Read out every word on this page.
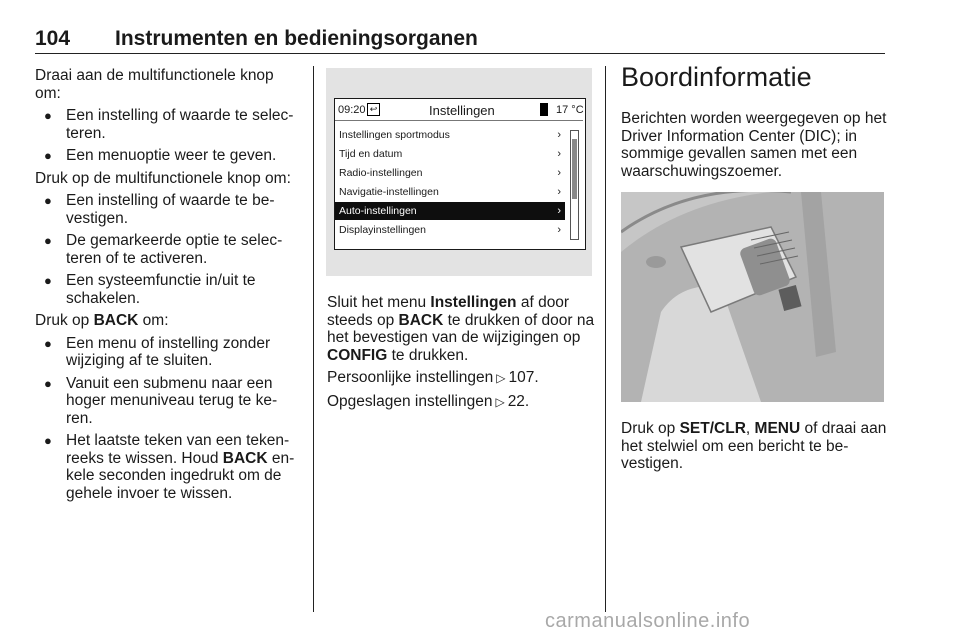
104 Instrumenten en bedieningsorganen

Draai aan de multifunctionele knop om:

● Een instelling of waarde te selec-teren.
● Een menuoptie weer te geven.

Druk op de multifunctionele knop om:

● Een instelling of waarde te be-vestigen.
● De gemarkeerde optie te selec-teren of te activeren.
● Een systeemfunctie in/uit te schakelen.

Druk op BACK om:

● Een menu of instelling zonder wijziging af te sluiten.
● Vanuit een submenu naar een hoger menuniveau terug te ke-ren.
● Het laatste teken van een teken-reeks te wissen. Houd BACK en-kele seconden ingedrukt om de gehele invoer te wissen.
09:20 ↩	Instellingen	17 °C
Instellingen sportmodus	›
Tijd en datum	›
Radio-instellingen	›
Navigatie-instellingen	›
Auto-instellingen	›
Displayinstellingen	›

Sluit het menu Instellingen af door steeds op BACK te drukken of door na het bevestigen van de wijzigingen op CONFIG te drukken.

Persoonlijke instellingen ▷ 107.

Opgeslagen instellingen ▷ 22.

Boordinformatie

Berichten worden weergegeven op het Driver Information Center (DIC); in sommige gevallen samen met een waarschuwingszoemer.

Druk op SET/CLR, MENU of draai aan het stelwiel om een bericht te be-vestigen.

carmanualsonline.info
